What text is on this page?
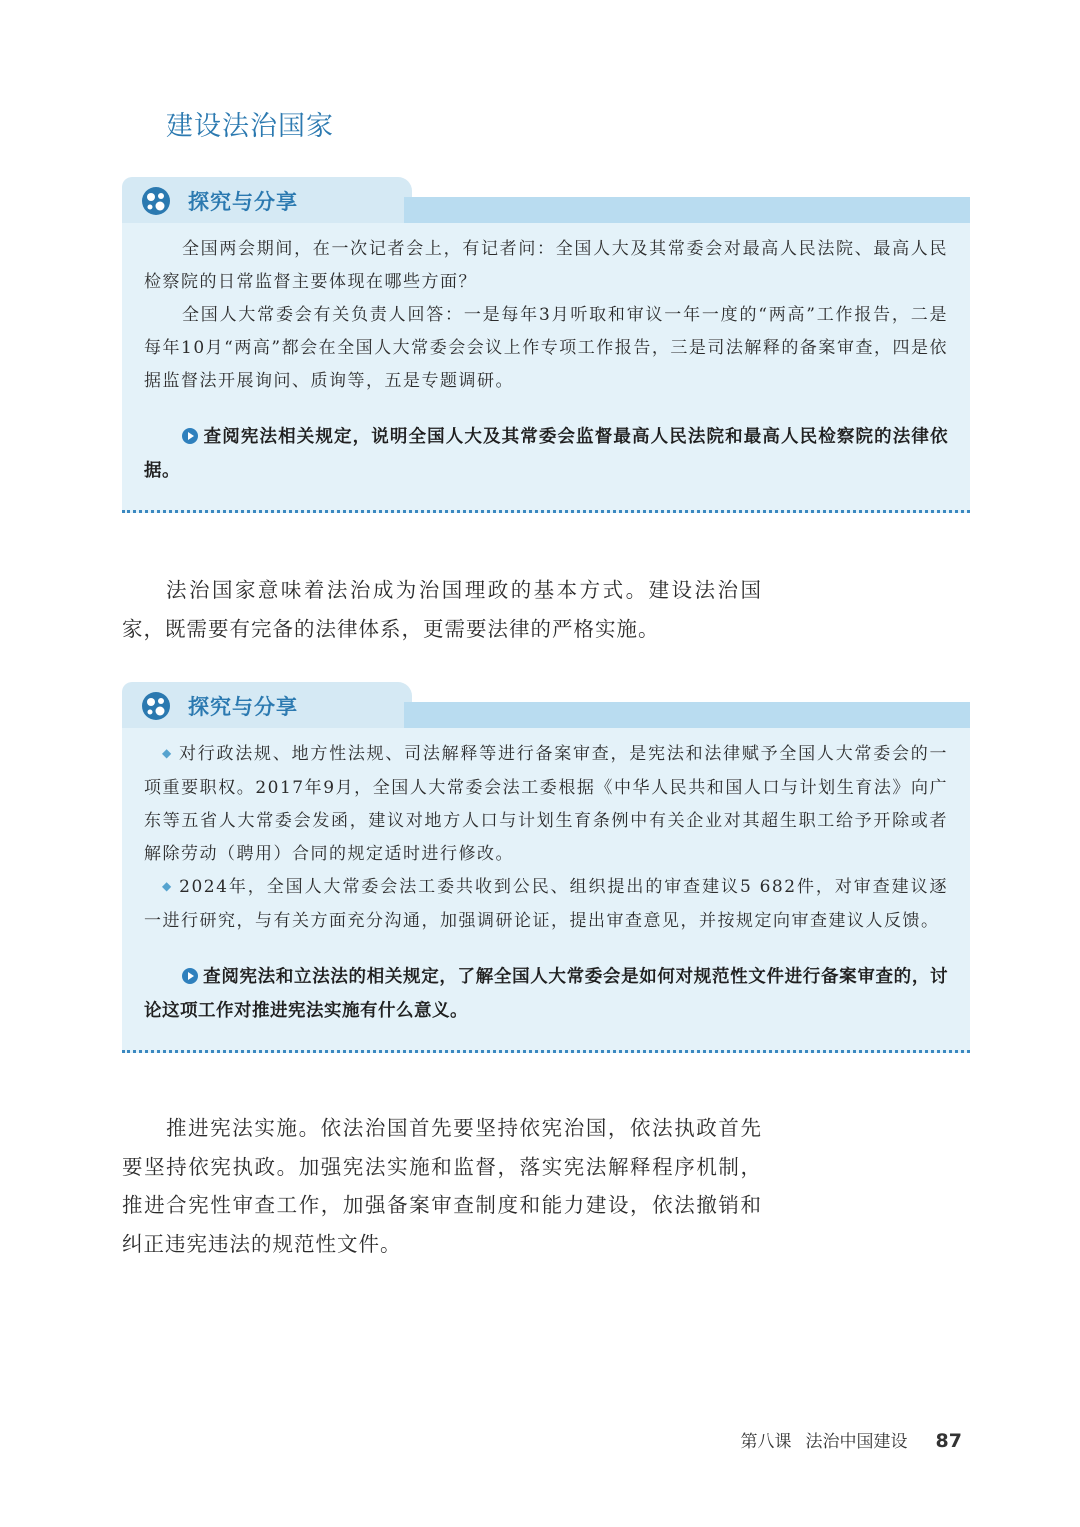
建设法治国家
探究与分享

全国两会期间，在一次记者会上，有记者问：全国人大及其常委会对最高人民法院、最高人民检察院的日常监督主要体现在哪些方面？

全国人大常委会有关负责人回答：一是每年3月听取和审议一年一度的“两高”工作报告，二是每年10月“两高”都会在全国人大常委会会议上作专项工作报告，三是司法解释的备案审查，四是依据监督法开展询问、质询等，五是专题调研。

查阅宪法相关规定，说明全国人大及其常委会监督最高人民法院和最高人民检察院的法律依据。

法治国家意味着法治成为治国理政的基本方式。建设法治国家，既需要有完备的法律体系，更需要法律的严格实施。

探究与分享

◆ 对行政法规、地方性法规、司法解释等进行备案审查，是宪法和法律赋予全国人大常委会的一项重要职权。2017年9月，全国人大常委会法工委根据《中华人民共和国人口与计划生育法》向广东等五省人大常委会发函，建议对地方人口与计划生育条例中有关企业对其超生职工给予开除或者解除劳动（聘用）合同的规定适时进行修改。

◆ 2024年，全国人大常委会法工委共收到公民、组织提出的审查建议5 682件，对审查建议逐一进行研究，与有关方面充分沟通，加强调研论证，提出审查意见，并按规定向审查建议人反馈。

查阅宪法和立法法的相关规定，了解全国人大常委会是如何对规范性文件进行备案审查的，讨论这项工作对推进宪法实施有什么意义。

推进宪法实施。依法治国首先要坚持依宪治国，依法执政首先要坚持依宪执政。加强宪法实施和监督，落实宪法解释程序机制，推进合宪性审查工作，加强备案审查制度和能力建设，依法撤销和纠正违宪违法的规范性文件。

第八课 法治中国建设 87
